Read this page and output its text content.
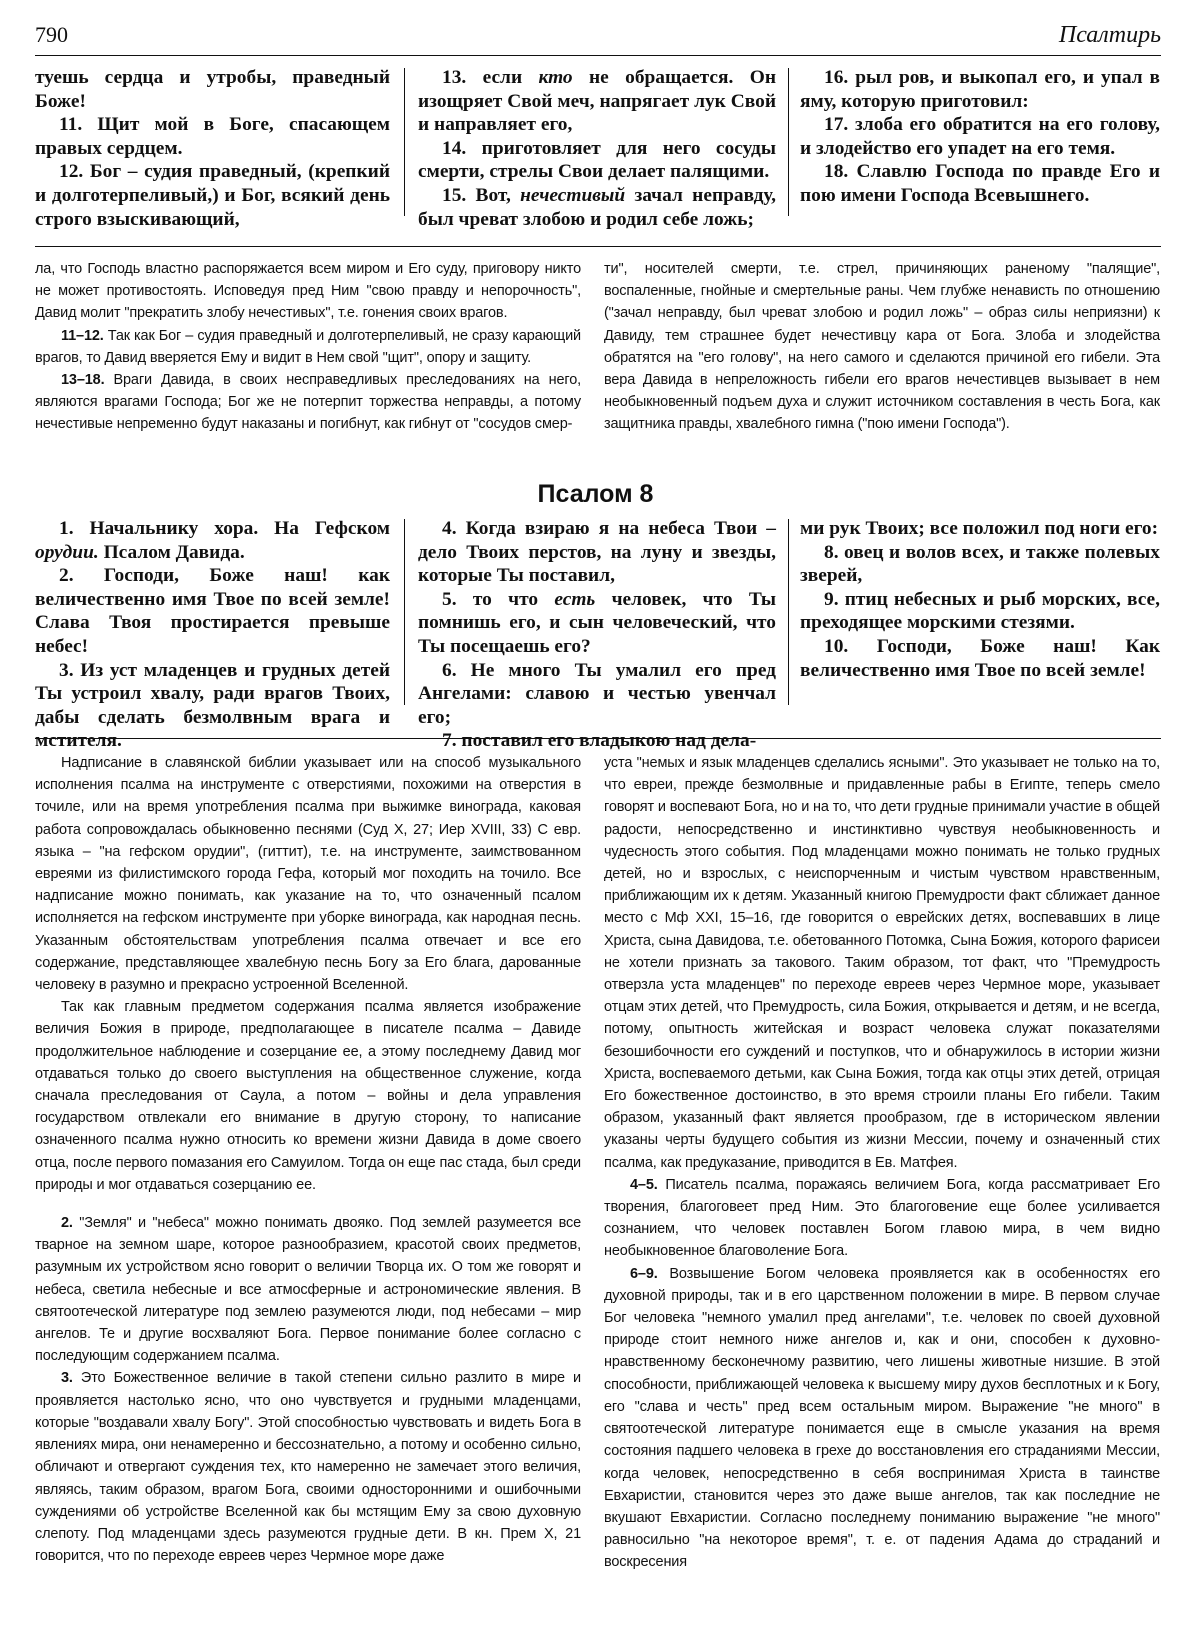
790	Псалтирь

туешь сердца и утробы, праведный Боже!

11. Щит мой в Боге, спасающем правых сердцем.

12. Бог – судия праведный, (крепкий и долготерпеливый,) и Бог, всякий день строго взыскивающий,

13. если кто не обращается. Он изощряет Свой меч, напрягает лук Свой и направляет его,

14. приготовляет для него сосуды смерти, стрелы Свои делает палящими.

15. Вот, нечестивый зачал неправду, был чреват злобою и родил себе ложь;

16. рыл ров, и выкопал его, и упал в яму, которую приготовил:

17. злоба его обратится на его голову, и злодейство его упадет на его темя.

18. Славлю Господа по правде Его и пою имени Господа Всевышнего.

ла, что Господь властно распоряжается всем миром и Его суду, приговору никто не может противостоять. Исповедуя пред Ним "свою правду и непорочность", Давид молит "прекратить злобу нечестивых", т.е. гонения своих врагов.

11–12. Так как Бог – судия праведный и долготерпеливый, не сразу карающий врагов, то Давид вверяется Ему и видит в Нем свой "щит", опору и защиту.

13–18. Враги Давида, в своих несправедливых преследованиях на него, являются врагами Господа; Бог же не потерпит торжества неправды, а потому нечестивые непременно будут наказаны и погибнут, как гибнут от "сосудов смер-

ти", носителей смерти, т.е. стрел, причиняющих раненому "палящие", воспаленные, гнойные и смертельные раны. Чем глубже ненависть по отношению ("зачал неправду, был чреват злобою и родил ложь" – образ силы неприязни) к Давиду, тем страшнее будет нечестивцу кара от Бога. Злоба и злодейства обратятся на "его голову", на него самого и сделаются причиной его гибели. Эта вера Давида в непреложность гибели его врагов нечестивцев вызывает в нем необыкновенный подъем духа и служит источником составления в честь Бога, как защитника правды, хвалебного гимна ("пою имени Господа").

Псалом 8

1. Начальнику хора. На Гефском орудии. Псалом Давида.

2. Господи, Боже наш! как величественно имя Твое по всей земле! Слава Твоя простирается превыше небес!

3. Из уст младенцев и грудных детей Ты устроил хвалу, ради врагов Твоих, дабы сделать безмолвным врага и мстителя.

4. Когда взираю я на небеса Твои – дело Твоих перстов, на луну и звезды, которые Ты поставил,

5. то что есть человек, что Ты помнишь его, и сын человеческий, что Ты посещаешь его?

6. Не много Ты умалил его пред Ангелами: славою и честью увенчал его;

7. поставил его владыкою над дела-

ми рук Твоих; все положил под ноги его:

8. овец и волов всех, и также полевых зверей,

9. птиц небесных и рыб морских, все, преходящее морскими стезями.

10. Господи, Боже наш! Как величественно имя Твое по всей земле!

Надписание в славянской библии указывает или на способ музыкального исполнения псалма на инструменте с отверстиями, похожими на отверстия в точиле, или на время употребления псалма при выжимке винограда, каковая работа сопровождалась обыкновенно песнями (Суд X, 27; Иер XVIII, 33) С евр. языка – "на гефском орудии", (гиттит), т.е. на инструменте, заимствованном евреями из филистимского города Гефа, который мог походить на точило. Все надписание можно понимать, как указание на то, что означенный псалом исполняется на гефском инструменте при уборке винограда, как народная песнь. Указанным обстоятельствам употребления псалма отвечает и все его содержание, представляющее хвалебную песнь Богу за Его блага, дарованные человеку в разумно и прекрасно устроенной Вселенной.

Так как главным предметом содержания псалма является изображение величия Божия в природе, предполагающее в писателе псалма – Давиде продолжительное наблюдение и созерцание ее, а этому последнему Давид мог отдаваться только до своего выступления на общественное служение, когда сначала преследования от Саула, а потом – войны и дела управления государством отвлекали его внимание в другую сторону, то написание означенного псалма нужно относить ко времени жизни Давида в доме своего отца, после первого помазания его Самуилом. Тогда он еще пас стада, был среди природы и мог отдаваться созерцанию ее.

2. "Земля" и "небеса" можно понимать двояко. Под землей разумеется все тварное на земном шаре, которое разнообразием, красотой своих предметов, разумным их устройством ясно говорит о величии Творца их. О том же говорят и небеса, светила небесные и все атмосферные и астрономические явления. В святоотеческой литературе под землею разумеются люди, под небесами – мир ангелов. Те и другие восхваляют Бога. Первое понимание более согласно с последующим содержанием псалма.

3. Это Божественное величие в такой степени сильно разлито в мире и проявляется настолько ясно, что оно чувствуется и грудными младенцами, которые "воздавали хвалу Богу". Этой способностью чувствовать и видеть Бога в явлениях мира, они ненамеренно и бессознательно, а потому и особенно сильно, обличают и отвергают суждения тех, кто намеренно не замечает этого величия, являясь, таким образом, врагом Бога, своими односторонними и ошибочными суждениями об устройстве Вселенной как бы мстящим Ему за свою духовную слепоту. Под младенцами здесь разумеются грудные дети. В кн. Прем X, 21 говорится, что по переходе евреев через Чермное море даже

уста "немых и язык младенцев сделались ясными". Это указывает не только на то, что евреи, прежде безмолвные и придавленные рабы в Египте, теперь смело говорят и воспевают Бога, но и на то, что дети грудные принимали участие в общей радости, непосредственно и инстинктивно чувствуя необыкновенность и чудесность этого события. Под младенцами можно понимать не только грудных детей, но и взрослых, с неиспорченным и чистым чувством нравственным, приближающим их к детям. Указанный книгою Премудрости факт сближает данное место с Мф XXI, 15–16, где говорится о еврейских детях, воспевавших в лице Христа, сына Давидова, т.е. обетованного Потомка, Сына Божия, которого фарисеи не хотели признать за такового. Таким образом, тот факт, что "Премудрость отверзла уста младенцев" по переходе евреев через Чермное море, указывает отцам этих детей, что Премудрость, сила Божия, открывается и детям, и не всегда, потому, опытность житейская и возраст человека служат показателями безошибочности его суждений и поступков, что и обнаружилось в истории жизни Христа, воспеваемого детьми, как Сына Божия, тогда как отцы этих детей, отрицая Его божественное достоинство, в это время строили планы Его гибели. Таким образом, указанный факт является прообразом, где в историческом явлении указаны черты будущего события из жизни Мессии, почему и означенный стих псалма, как предуказание, приводится в Ев. Матфея.

4–5. Писатель псалма, поражаясь величием Бога, когда рассматривает Его творения, благоговеет пред Ним. Это благоговение еще более усиливается сознанием, что человек поставлен Богом главою мира, в чем видно необыкновенное благоволение Бога.

6–9. Возвышение Богом человека проявляется как в особенностях его духовной природы, так и в его царственном положении в мире. В первом случае Бог человека "немного умалил пред ангелами", т.е. человек по своей духовной природе стоит немного ниже ангелов и, как и они, способен к духовно-нравственному бесконечному развитию, чего лишены животные низшие. В этой способности, приближающей человека к высшему миру духов бесплотных и к Богу, его "слава и честь" пред всем остальным миром. Выражение "не много" в святоотеческой литературе понимается еще в смысле указания на время состояния падшего человека в грехе до восстановления его страданиями Мессии, когда человек, непосредственно в себя воспринимая Христа в таинстве Евхаристии, становится через это даже выше ангелов, так как последние не вкушают Евхаристии. Согласно последнему пониманию выражение "не много" равносильно "на некоторое время", т. е. от падения Адама до страданий и воскресения
